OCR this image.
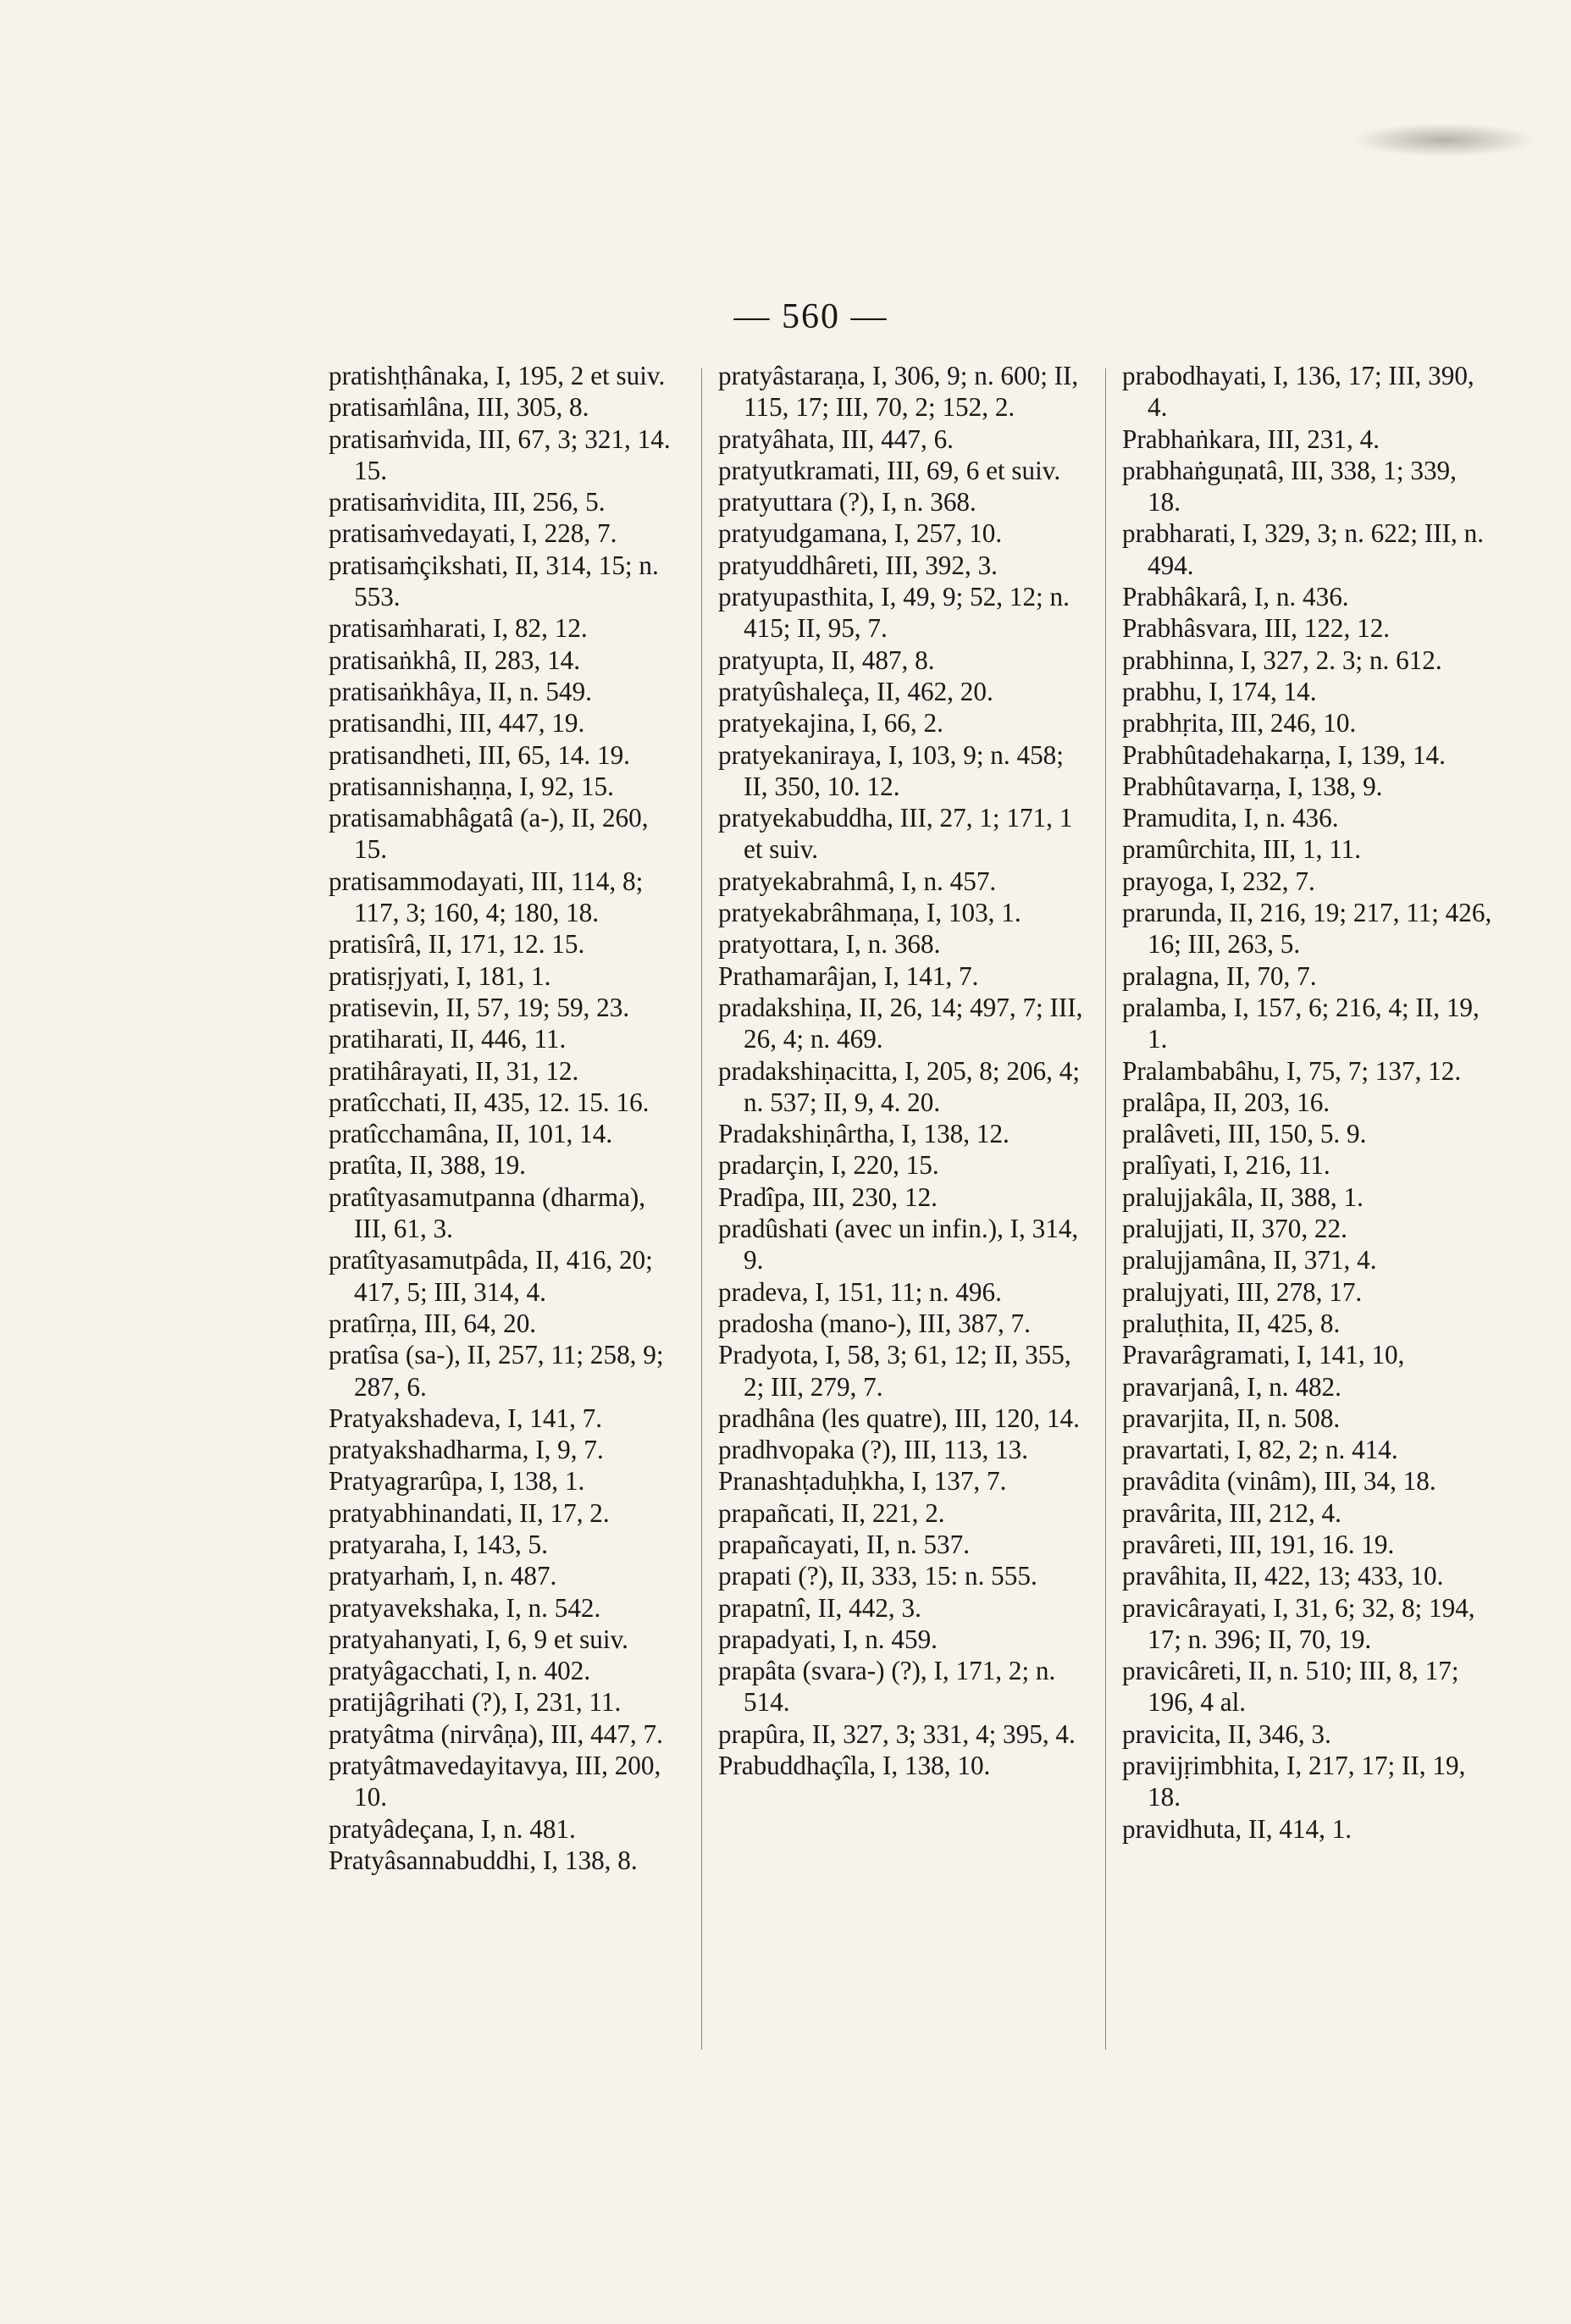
— 560 —
pratishṭhânaka, I, 195, 2 et suiv.
pratisaṁlâna, III, 305, 8.
pratisaṁvida, III, 67, 3; 321, 14. 15.
pratisaṁvidita, III, 256, 5.
pratisaṁvedayati, I, 228, 7.
pratisaṁçikshati, II, 314, 15; n. 553.
pratisaṁharati, I, 82, 12.
pratisaṅkhâ, II, 283, 14.
pratisaṅkhâya, II, n. 549.
pratisandhi, III, 447, 19.
pratisandheti, III, 65, 14. 19.
pratisannishaṇṇa, I, 92, 15.
pratisamabhâgatâ (a-), II, 260, 15.
pratisammodayati, III, 114, 8; 117, 3; 160, 4; 180, 18.
pratisîrâ, II, 171, 12. 15.
pratisṛjyati, I, 181, 1.
pratisevin, II, 57, 19; 59, 23.
pratiharati, II, 446, 11.
pratihârayati, II, 31, 12.
pratîcchati, II, 435, 12. 15. 16.
pratîcchamâna, II, 101, 14.
pratîta, II, 388, 19.
pratîtyasamutpanna (dharma), III, 61, 3.
pratîtyasamutpâda, II, 416, 20; 417, 5; III, 314, 4.
pratîrṇa, III, 64, 20.
pratîsa (sa-), II, 257, 11; 258, 9; 287, 6.
Pratyakshadeva, I, 141, 7.
pratyakshadharma, I, 9, 7.
Pratyagrarûpa, I, 138, 1.
pratyabhinandati, II, 17, 2.
pratyaraha, I, 143, 5.
pratyarhaṁ, I, n. 487.
pratyavekshaka, I, n. 542.
pratyahanyati, I, 6, 9 et suiv.
pratyâgacchati, I, n. 402.
pratijâgrihati (?), I, 231, 11.
pratyâtma (nirvâṇa), III, 447, 7.
pratyâtmavedayitavya, III, 200, 10.
pratyâdeçana, I, n. 481.
Pratyâsannabuddhi, I, 138, 8.
pratyâstaraṇa, I, 306, 9; n. 600; II, 115, 17; III, 70, 2; 152, 2.
pratyâhata, III, 447, 6.
pratyutkramati, III, 69, 6 et suiv.
pratyuttara (?), I, n. 368.
pratyudgamana, I, 257, 10.
pratyuddhâreti, III, 392, 3.
pratyupasthita, I, 49, 9; 52, 12; n. 415; II, 95, 7.
pratyupta, II, 487, 8.
pratyûshaleça, II, 462, 20.
pratyekajina, I, 66, 2.
pratyekanirayа, I, 103, 9; n. 458; II, 350, 10. 12.
pratyekabuddha, III, 27, 1; 171, 1 et suiv.
pratyekabrahmâ, I, n. 457.
pratyekabrâhmaṇa, I, 103, 1.
pratyottara, I, n. 368.
Prathamarâjan, I, 141, 7.
pradakshiṇa, II, 26, 14; 497, 7; III, 26, 4; n. 469.
pradakshiṇacitta, I, 205, 8; 206, 4; n. 537; II, 9, 4. 20.
Pradakshiṇârtha, I, 138, 12.
pradarçin, I, 220, 15.
Pradîpa, III, 230, 12.
pradûshati (avec un infin.), I, 314, 9.
pradeva, I, 151, 11; n. 496.
pradosha (mano-), III, 387, 7.
Pradyota, I, 58, 3; 61, 12; II, 355, 2; III, 279, 7.
pradhâna (les quatre), III, 120, 14.
pradhvopaka (?), III, 113, 13.
Pranashṭaduḥkha, I, 137, 7.
prapañcati, II, 221, 2.
prapañcayati, II, n. 537.
prapati (?), II, 333, 15: n. 555.
prapatnî, II, 442, 3.
prapadyati, I, n. 459.
prapâta (svara-) (?), I, 171, 2; n. 514.
prapûra, II, 327, 3; 331, 4; 395, 4.
Prabuddhaçîla, I, 138, 10.
prabodhayati, I, 136, 17; III, 390, 4.
Prabhaṅkara, III, 231, 4.
prabhaṅguṇatâ, III, 338, 1; 339, 18.
prabharati, I, 329, 3; n. 622; III, n. 494.
Prabhâkarâ, I, n. 436.
Prabhâsvara, III, 122, 12.
prabhinna, I, 327, 2. 3; n. 612.
prabhu, I, 174, 14.
prabhṛita, III, 246, 10.
Prabhûtadehakarṇa, I, 139, 14.
Prabhûtavarṇa, I, 138, 9.
Pramudita, I, n. 436.
pramûrchita, III, 1, 11.
prayoga, I, 232, 7.
prarunda, II, 216, 19; 217, 11; 426, 16; III, 263, 5.
pralagna, II, 70, 7.
pralamba, I, 157, 6; 216, 4; II, 19, 1.
Pralambabâhu, I, 75, 7; 137, 12.
pralâpa, II, 203, 16.
pralâveti, III, 150, 5. 9.
pralîyati, I, 216, 11.
pralujjakâla, II, 388, 1.
pralujjati, II, 370, 22.
pralujjamâna, II, 371, 4.
pralujyati, III, 278, 17.
praluṭhita, II, 425, 8.
Pravarâgramati, I, 141, 10,
pravarjanâ, I, n. 482.
pravarjita, II, n. 508.
pravartati, I, 82, 2; n. 414.
pravâdita (vinâm), III, 34, 18.
pravârita, III, 212, 4.
pravâreti, III, 191, 16. 19.
pravâhita, II, 422, 13; 433, 10.
pravicârayati, I, 31, 6; 32, 8; 194, 17; n. 396; II, 70, 19.
pravicâreti, II, n. 510; III, 8, 17; 196, 4 al.
pravicita, II, 346, 3.
pravijṛimbhita, I, 217, 17; II, 19, 18.
pravidhuta, II, 414, 1.
